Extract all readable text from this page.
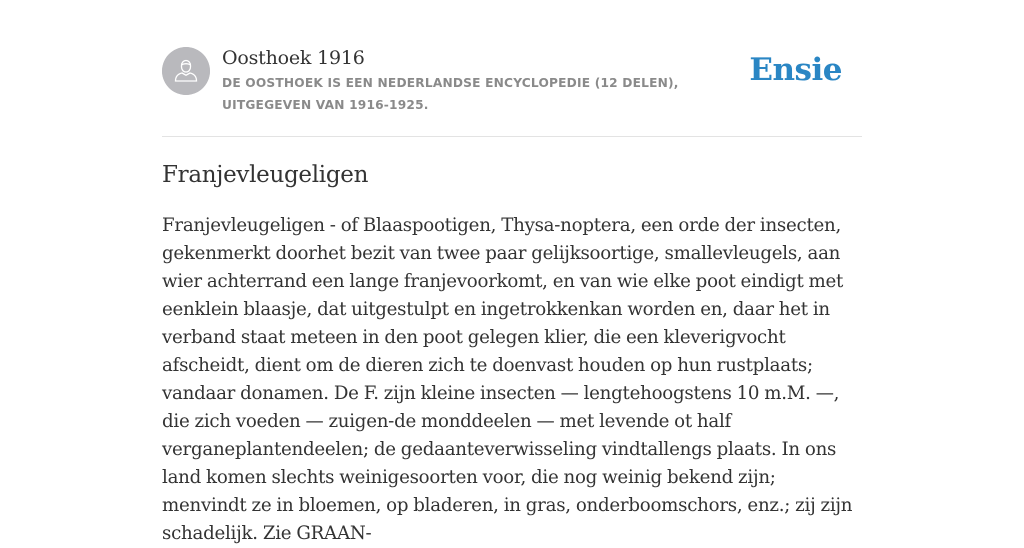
Oosthoek 1916
DE OOSTHOEK IS EEN NEDERLANDSE ENCYCLOPEDIE (12 DELEN), UITGEGEVEN VAN 1916-1925.
Ensie
Franjevleugeligen

Franjevleugeligen - of Blaaspootigen, Thysa-noptera, een orde der insecten, gekenmerkt doorhet bezit van twee paar gelijksoortige, smallevleugels, aan wier achterrand een lange franjevoorkomt, en van wie elke poot eindigt met eenklein blaasje, dat uitgestulpt en ingetrokkenkan worden en, daar het in verband staat meteen in den poot gelegen klier, die een kleverigvocht afscheidt, dient om de dieren zich te doenvast houden op hun rustplaats; vandaar donamen. De F. zijn kleine insecten — lengtehoogstens 10 m.M. —, die zich voeden — zuigen-de monddeelen — met levende ot half verganeplantendeelen; de gedaanteverwisseling vindtallengs plaats. In ons land komen slechts weinigesoorten voor, die nog weinig bekend zijn; menvindt ze in bloemen, op bladeren, in gras, onderboomschors, enz.; zij zijn schadelijk. Zie GRAAN-
